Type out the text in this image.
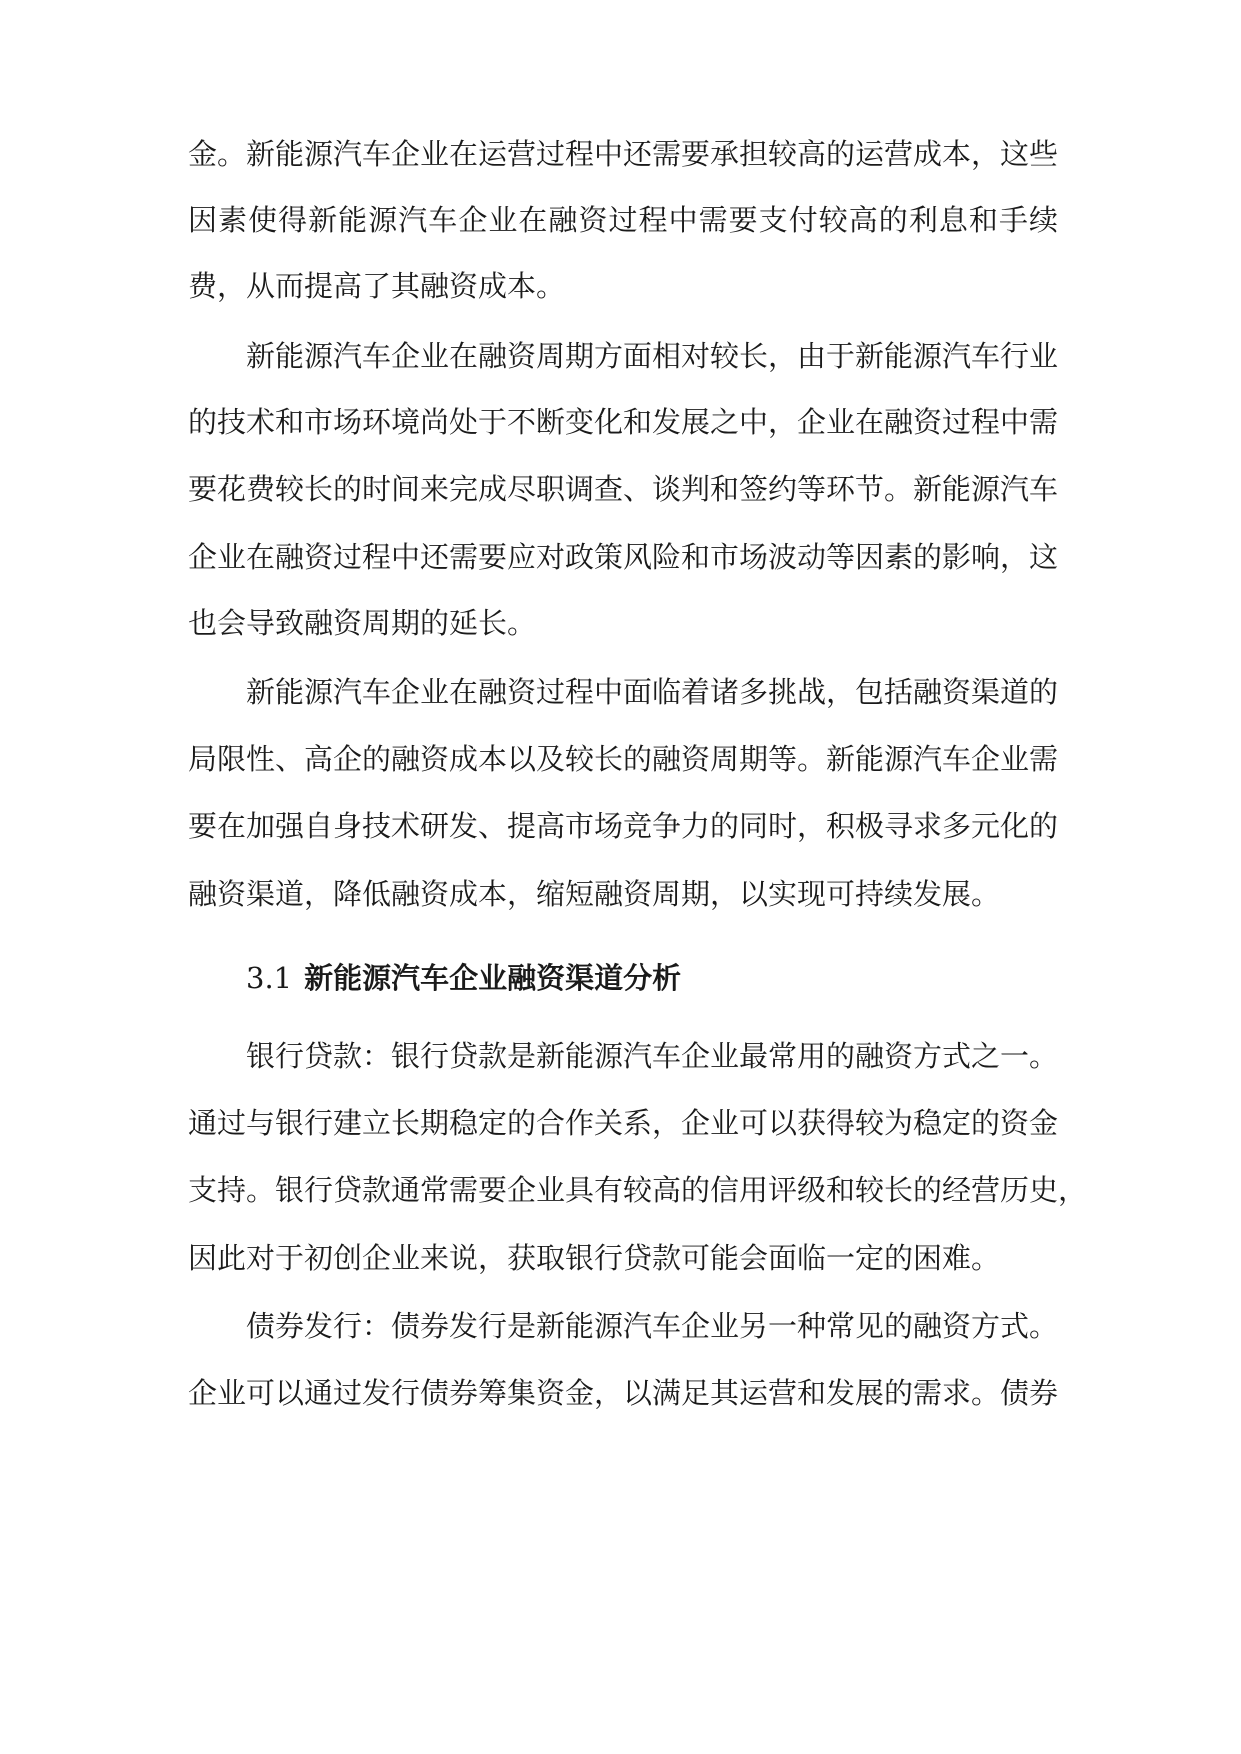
金。新能源汽车企业在运营过程中还需要承担较高的运营成本，这些
因素使得新能源汽车企业在融资过程中需要支付较高的利息和手续
费，从而提高了其融资成本。
新能源汽车企业在融资周期方面相对较长，由于新能源汽车行业
的技术和市场环境尚处于不断变化和发展之中，企业在融资过程中需
要花费较长的时间来完成尽职调查、谈判和签约等环节。新能源汽车
企业在融资过程中还需要应对政策风险和市场波动等因素的影响，这
也会导致融资周期的延长。
新能源汽车企业在融资过程中面临着诸多挑战，包括融资渠道的
局限性、高企的融资成本以及较长的融资周期等。新能源汽车企业需
要在加强自身技术研发、提高市场竞争力的同时，积极寻求多元化的
融资渠道，降低融资成本，缩短融资周期，以实现可持续发展。
3.1 新能源汽车企业融资渠道分析
银行贷款：银行贷款是新能源汽车企业最常用的融资方式之一。
通过与银行建立长期稳定的合作关系，企业可以获得较为稳定的资金
支持。银行贷款通常需要企业具有较高的信用评级和较长的经营历史，
因此对于初创企业来说，获取银行贷款可能会面临一定的困难。
债券发行：债券发行是新能源汽车企业另一种常见的融资方式。
企业可以通过发行债券筹集资金，以满足其运营和发展的需求。债券
